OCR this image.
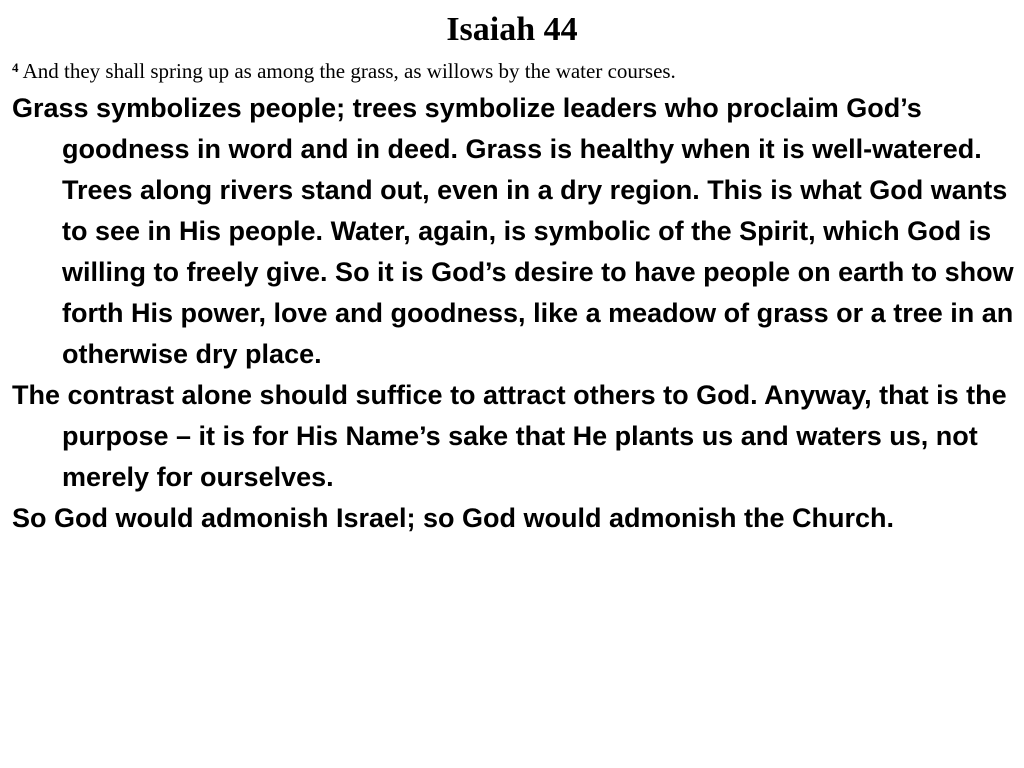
Isaiah 44

$^4$ And they shall spring up as among the grass, as willows by the water courses.

Grass symbolizes people; trees symbolize leaders who proclaim God’s goodness in word and in deed. Grass is healthy when it is well-watered. Trees along rivers stand out, even in a dry region. This is what God wants to see in His people. Water, again, is symbolic of the Spirit, which God is willing to freely give. So it is God’s desire to have people on earth to show forth His power, love and goodness, like a meadow of grass or a tree in an otherwise dry place.

The contrast alone should suffice to attract others to God. Anyway, that is the purpose – it is for His Name’s sake that He plants us and waters us, not merely for ourselves.

So God would admonish Israel; so God would admonish the Church.
